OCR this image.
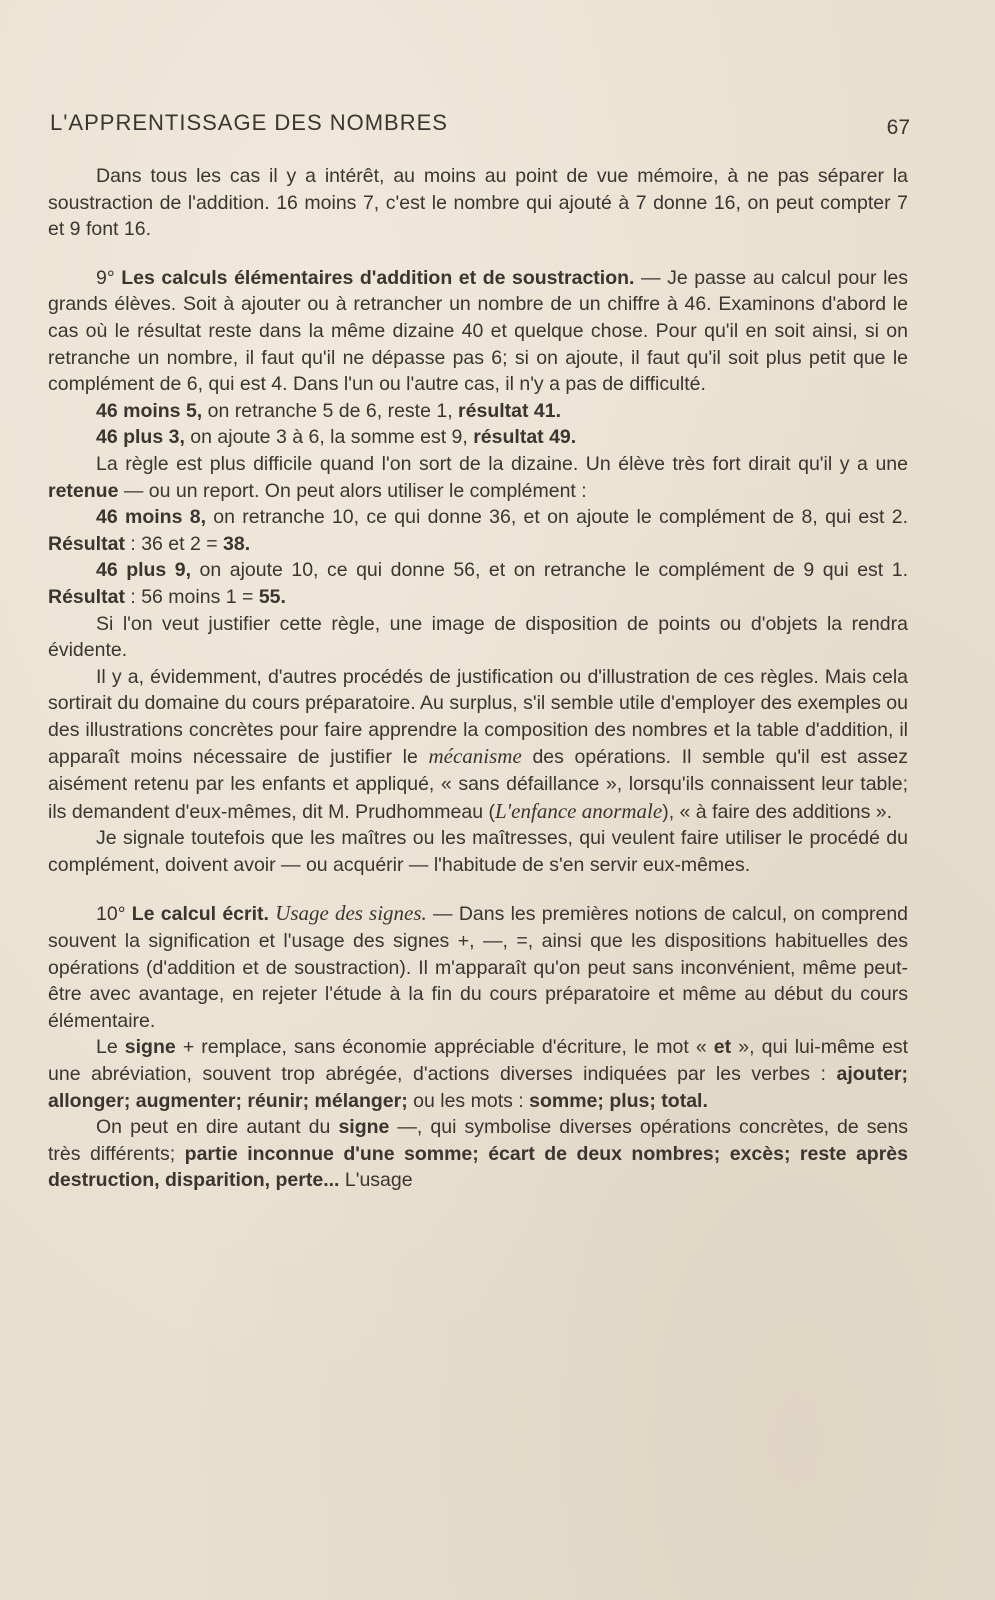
L'APPRENTISSAGE DES NOMBRES	67

Dans tous les cas il y a intérêt, au moins au point de vue mémoire, à ne pas séparer la soustraction de l'addition. 16 moins 7, c'est le nombre qui ajouté à 7 donne 16, on peut compter 7 et 9 font 16.

9° Les calculs élémentaires d'addition et de soustraction. — Je passe au calcul pour les grands élèves. Soit à ajouter ou à retrancher un nombre de un chiffre à 46. Examinons d'abord le cas où le résultat reste dans la même dizaine 40 et quelque chose. Pour qu'il en soit ainsi, si on retranche un nombre, il faut qu'il ne dépasse pas 6; si on ajoute, il faut qu'il soit plus petit que le complément de 6, qui est 4. Dans l'un ou l'autre cas, il n'y a pas de difficulté.

46 moins 5, on retranche 5 de 6, reste 1, résultat 41.

46 plus 3, on ajoute 3 à 6, la somme est 9, résultat 49.

La règle est plus difficile quand l'on sort de la dizaine. Un élève très fort dirait qu'il y a une retenue — ou un report. On peut alors utiliser le complément :

46 moins 8, on retranche 10, ce qui donne 36, et on ajoute le complément de 8, qui est 2. Résultat : 36 et 2 = 38.

46 plus 9, on ajoute 10, ce qui donne 56, et on retranche le complément de 9 qui est 1. Résultat : 56 moins 1 = 55.

Si l'on veut justifier cette règle, une image de disposition de points ou d'objets la rendra évidente.

Il y a, évidemment, d'autres procédés de justification ou d'illustration de ces règles. Mais cela sortirait du domaine du cours préparatoire. Au surplus, s'il semble utile d'employer des exemples ou des illustrations concrètes pour faire apprendre la composition des nombres et la table d'addition, il apparaît moins nécessaire de justifier le mécanisme des opérations. Il semble qu'il est assez aisément retenu par les enfants et appliqué, « sans défaillance », lorsqu'ils connaissent leur table; ils demandent d'eux-mêmes, dit M. Prudhommeau (L'enfance anormale), « à faire des additions ».

Je signale toutefois que les maîtres ou les maîtresses, qui veulent faire utiliser le procédé du complément, doivent avoir — ou acquérir — l'habitude de s'en servir eux-mêmes.

10° Le calcul écrit. Usage des signes. — Dans les premières notions de calcul, on comprend souvent la signification et l'usage des signes +, —, =, ainsi que les dispositions habituelles des opérations (d'addition et de soustraction). Il m'apparaît qu'on peut sans inconvénient, même peut-être avec avantage, en rejeter l'étude à la fin du cours préparatoire et même au début du cours élémentaire.

Le signe + remplace, sans économie appréciable d'écriture, le mot « et », qui lui-même est une abréviation, souvent trop abrégée, d'actions diverses indiquées par les verbes : ajouter; allonger; augmenter; réunir; mélanger; ou les mots : somme; plus; total.

On peut en dire autant du signe —, qui symbolise diverses opérations concrètes, de sens très différents; partie inconnue d'une somme; écart de deux nombres; excès; reste après destruction, disparition, perte... L'usage
